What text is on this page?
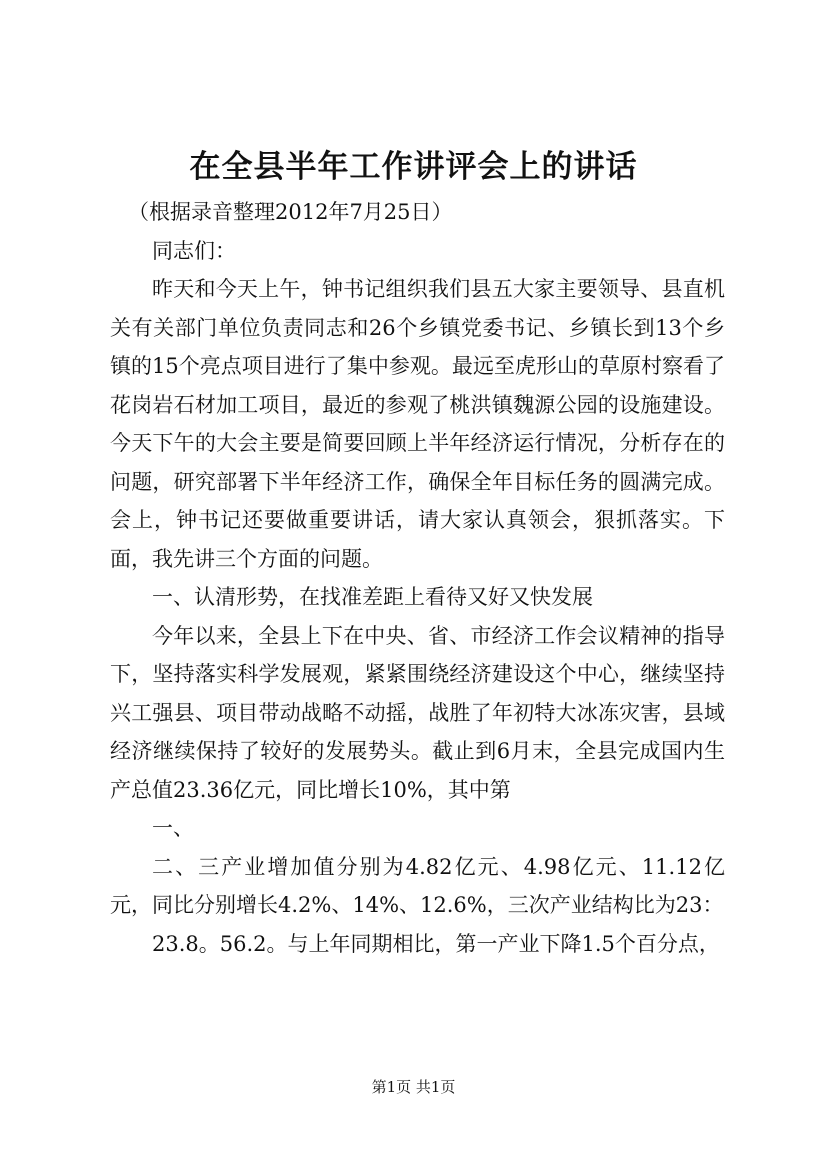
在全县半年工作讲评会上的讲话

（根据录音整理2012年7月25日）

同志们：

昨天和今天上午，钟书记组织我们县五大家主要领导、县直机关有关部门单位负责同志和26个乡镇党委书记、乡镇长到13个乡镇的15个亮点项目进行了集中参观。最远至虎形山的草原村察看了花岗岩石材加工项目，最近的参观了桃洪镇魏源公园的设施建设。今天下午的大会主要是简要回顾上半年经济运行情况，分析存在的问题，研究部署下半年经济工作，确保全年目标任务的圆满完成。会上，钟书记还要做重要讲话，请大家认真领会，狠抓落实。下面，我先讲三个方面的问题。

一、认清形势，在找准差距上看待又好又快发展

今年以来，全县上下在中央、省、市经济工作会议精神的指导下，坚持落实科学发展观，紧紧围绕经济建设这个中心，继续坚持兴工强县、项目带动战略不动摇，战胜了年初特大冰冻灾害，县域经济继续保持了较好的发展势头。截止到6月末，全县完成国内生产总值23.36亿元，同比增长10%，其中第

一、

二、三产业增加值分别为4.82亿元、4.98亿元、11.12亿元，同比分别增长4.2%、14%、12.6%，三次产业结构比为23：

23.8。56.2。与上年同期相比，第一产业下降1.5个百分点，

第1页 共1页
